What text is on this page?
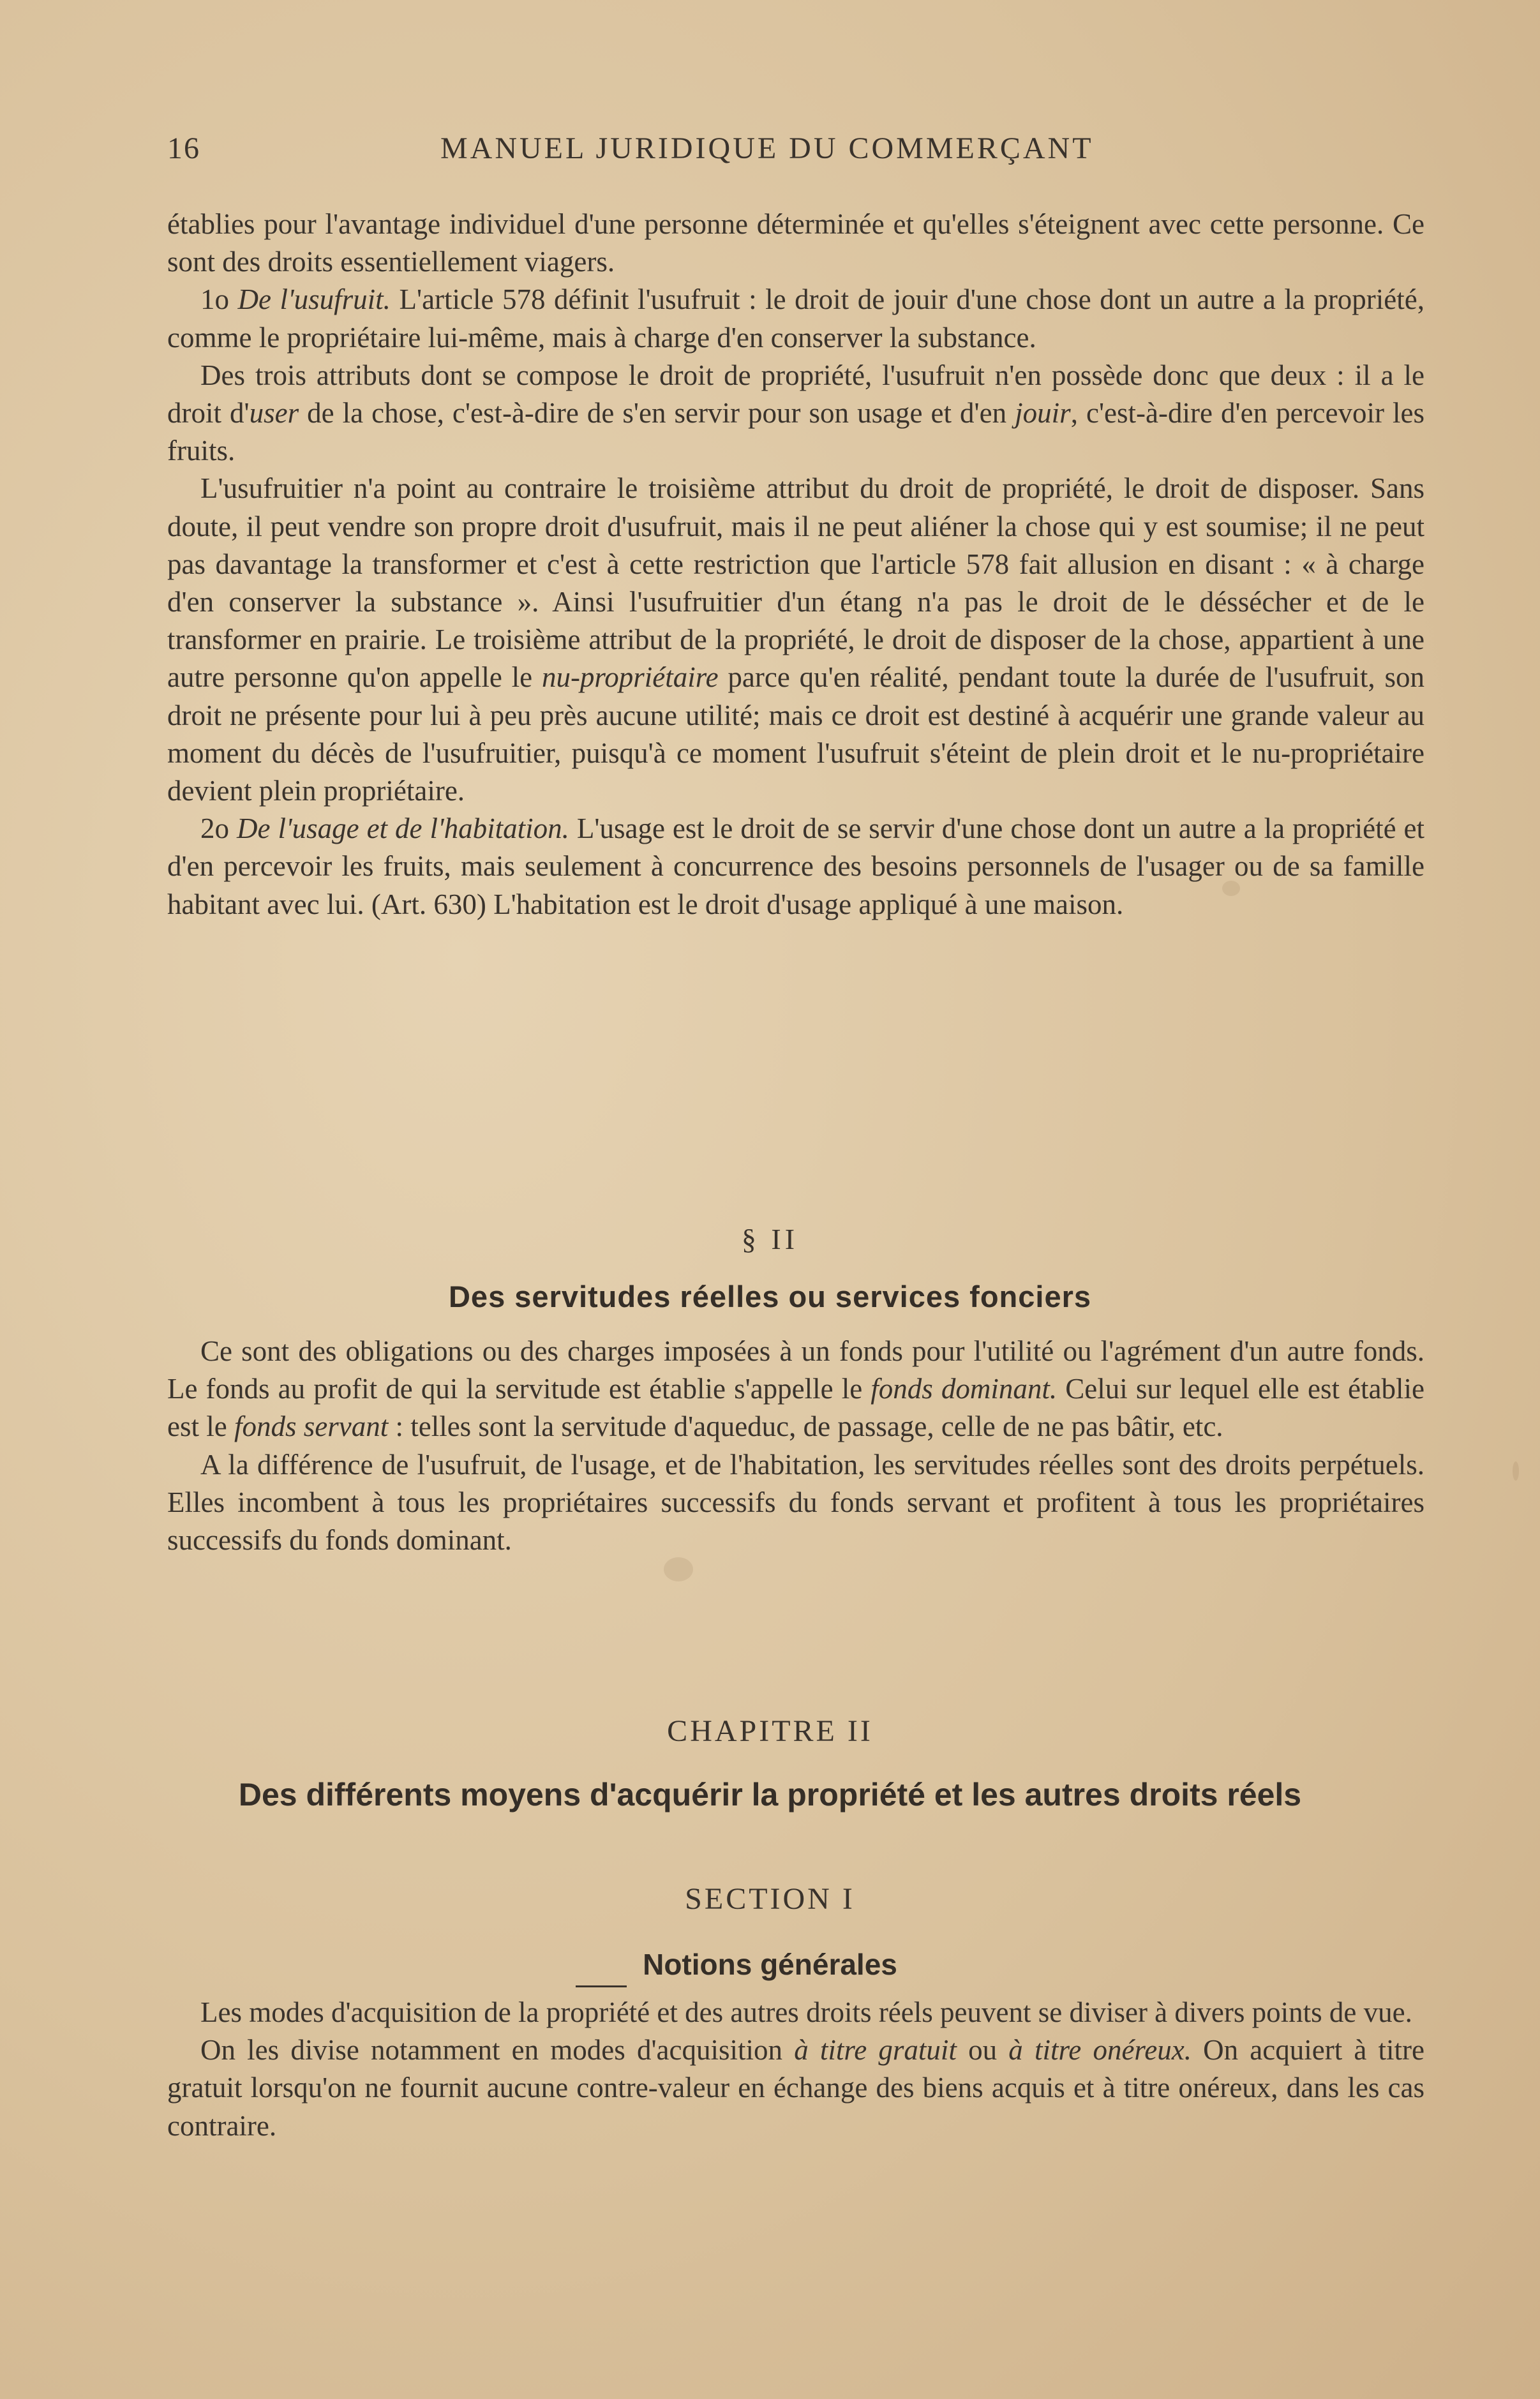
16	MANUEL JURIDIQUE DU COMMERÇANT

établies pour l'avantage individuel d'une personne déterminée et qu'elles s'éteignent avec cette personne. Ce sont des droits essentiellement viagers.

1o De l'usufruit. L'article 578 définit l'usufruit : le droit de jouir d'une chose dont un autre a la propriété, comme le propriétaire lui-même, mais à charge d'en conserver la substance.

Des trois attributs dont se compose le droit de propriété, l'usufruit n'en possède donc que deux : il a le droit d'user de la chose, c'est-à-dire de s'en servir pour son usage et d'en jouir, c'est-à-dire d'en percevoir les fruits.

L'usufruitier n'a point au contraire le troisième attribut du droit de propriété, le droit de disposer. Sans doute, il peut vendre son propre droit d'usufruit, mais il ne peut aliéner la chose qui y est soumise; il ne peut pas davantage la transformer et c'est à cette restriction que l'article 578 fait allusion en disant : « à charge d'en conserver la substance ». Ainsi l'usufruitier d'un étang n'a pas le droit de le déssécher et de le transformer en prairie. Le troisième attribut de la propriété, le droit de disposer de la chose, appartient à une autre personne qu'on appelle le nu-propriétaire parce qu'en réalité, pendant toute la durée de l'usufruit, son droit ne présente pour lui à peu près aucune utilité; mais ce droit est destiné à acquérir une grande valeur au moment du décès de l'usufruitier, puisqu'à ce moment l'usufruit s'éteint de plein droit et le nu-propriétaire devient plein propriétaire.

2o De l'usage et de l'habitation. L'usage est le droit de se servir d'une chose dont un autre a la propriété et d'en percevoir les fruits, mais seulement à concurrence des besoins personnels de l'usager ou de sa famille habitant avec lui. (Art. 630) L'habitation est le droit d'usage appliqué à une maison.

§ II
Des servitudes réelles ou services fonciers

Ce sont des obligations ou des charges imposées à un fonds pour l'utilité ou l'agrément d'un autre fonds. Le fonds au profit de qui la servitude est établie s'appelle le fonds dominant. Celui sur lequel elle est établie est le fonds servant : telles sont la servitude d'aqueduc, de passage, celle de ne pas bâtir, etc.

A la différence de l'usufruit, de l'usage, et de l'habitation, les servitudes réelles sont des droits perpétuels. Elles incombent à tous les propriétaires successifs du fonds servant et profitent à tous les propriétaires successifs du fonds dominant.

CHAPITRE II
Des différents moyens d'acquérir la propriété et les autres droits réels
SECTION I
Notions générales

Les modes d'acquisition de la propriété et des autres droits réels peuvent se diviser à divers points de vue.

On les divise notamment en modes d'acquisition à titre gratuit ou à titre onéreux. On acquiert à titre gratuit lorsqu'on ne fournit aucune contre-valeur en échange des biens acquis et à titre onéreux, dans les cas contraire.
